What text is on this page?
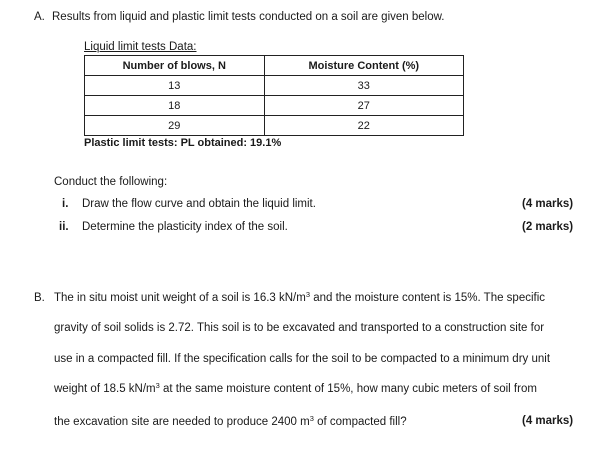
A. Results from liquid and plastic limit tests conducted on a soil are given below.
Liquid limit tests Data:
Number of blows, N	Moisture Content (%)
13	33
18	27
29	22
Plastic limit tests: PL obtained: 19.1%
Conduct the following:
i. Draw the flow curve and obtain the liquid limit.	(4 marks)
ii. Determine the plasticity index of the soil.	(2 marks)
B. The in situ moist unit weight of a soil is 16.3 $kN/m^3$ and the moisture content is 15%. The specific
gravity of soil solids is 2.72. This soil is to be excavated and transported to a construction site for
use in a compacted fill. If the specification calls for the soil to be compacted to a minimum dry unit
weight of 18.5 $kN/m^3$ at the same moisture content of 15%, how many cubic meters of soil from
the excavation site are needed to produce 2400 $m^3$ of compacted fill?	(4 marks)
